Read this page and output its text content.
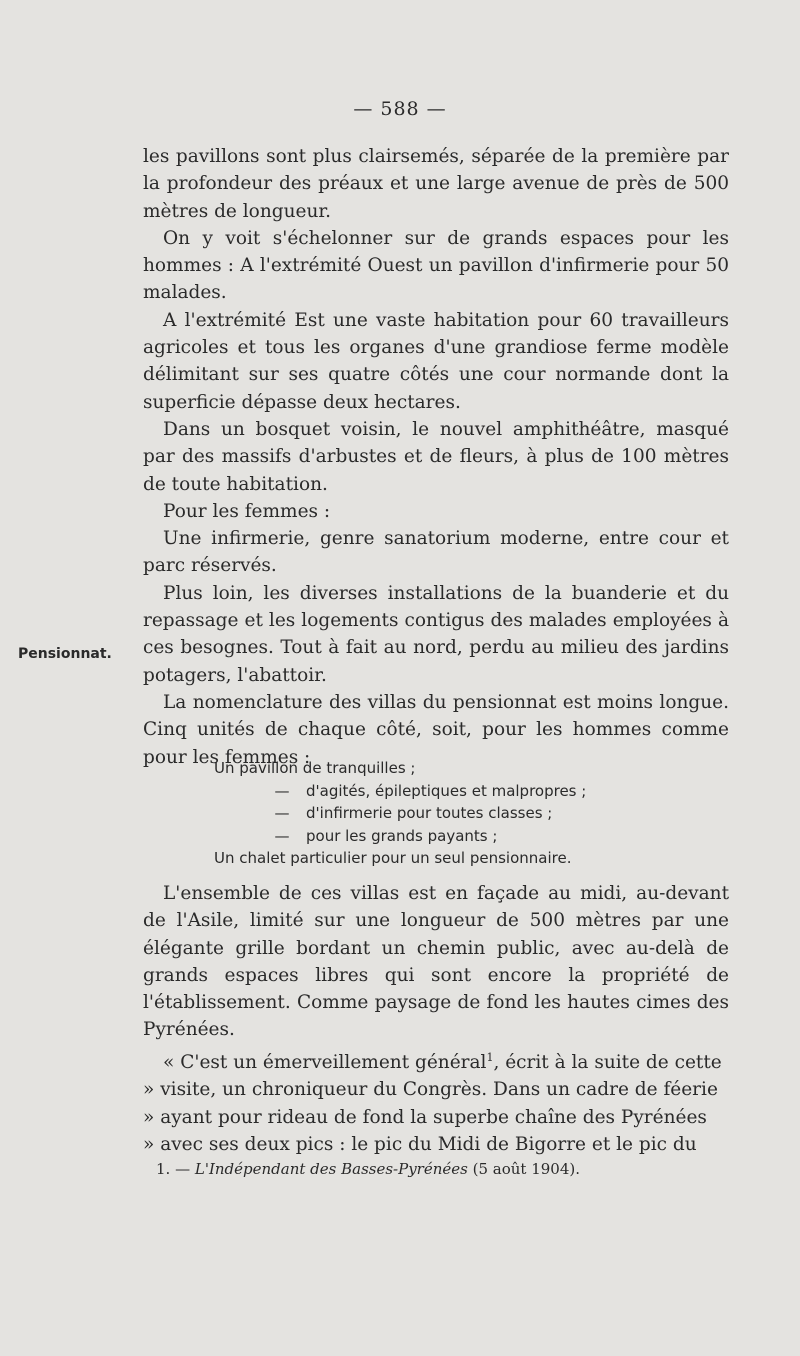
— 588 —
Pensionnat.

les pavillons sont plus clairsemés, séparée de la première par la profondeur des préaux et une large avenue de près de 500 mètres de longueur.

On y voit s'échelonner sur de grands espaces pour les hommes : A l'extrémité Ouest un pavillon d'infirmerie pour 50 malades.

A l'extrémité Est une vaste habitation pour 60 travailleurs agricoles et tous les organes d'une grandiose ferme modèle délimitant sur ses quatre côtés une cour normande dont la superficie dépasse deux hectares.

Dans un bosquet voisin, le nouvel amphithéâtre, masqué par des massifs d'arbustes et de fleurs, à plus de 100 mètres de toute habitation.

Pour les femmes :

Une infirmerie, genre sanatorium moderne, entre cour et parc réservés.

Plus loin, les diverses installations de la buanderie et du repassage et les logements contigus des malades employées à ces besognes. Tout à fait au nord, perdu au milieu des jardins potagers, l'abattoir.

La nomenclature des villas du pensionnat est moins longue. Cinq unités de chaque côté, soit, pour les hommes comme pour les femmes :

Un pavillon de tranquilles ;
— d'agités, épileptiques et malpropres ;
— d'infirmerie pour toutes classes ;
— pour les grands payants ;
Un chalet particulier pour un seul pensionnaire.

L'ensemble de ces villas est en façade au midi, au-devant de l'Asile, limité sur une longueur de 500 mètres par une élégante grille bordant un chemin public, avec au-delà de grands espaces libres qui sont encore la propriété de l'établissement. Comme paysage de fond les hautes cimes des Pyrénées.

« C'est un émerveillement général$^1$, écrit à la suite de cette
» visite, un chroniqueur du Congrès. Dans un cadre de féerie
» ayant pour rideau de fond la superbe chaîne des Pyrénées
» avec ses deux pics : le pic du Midi de Bigorre et le pic du
1. — L'Indépendant des Basses-Pyrénées (5 août 1904).
